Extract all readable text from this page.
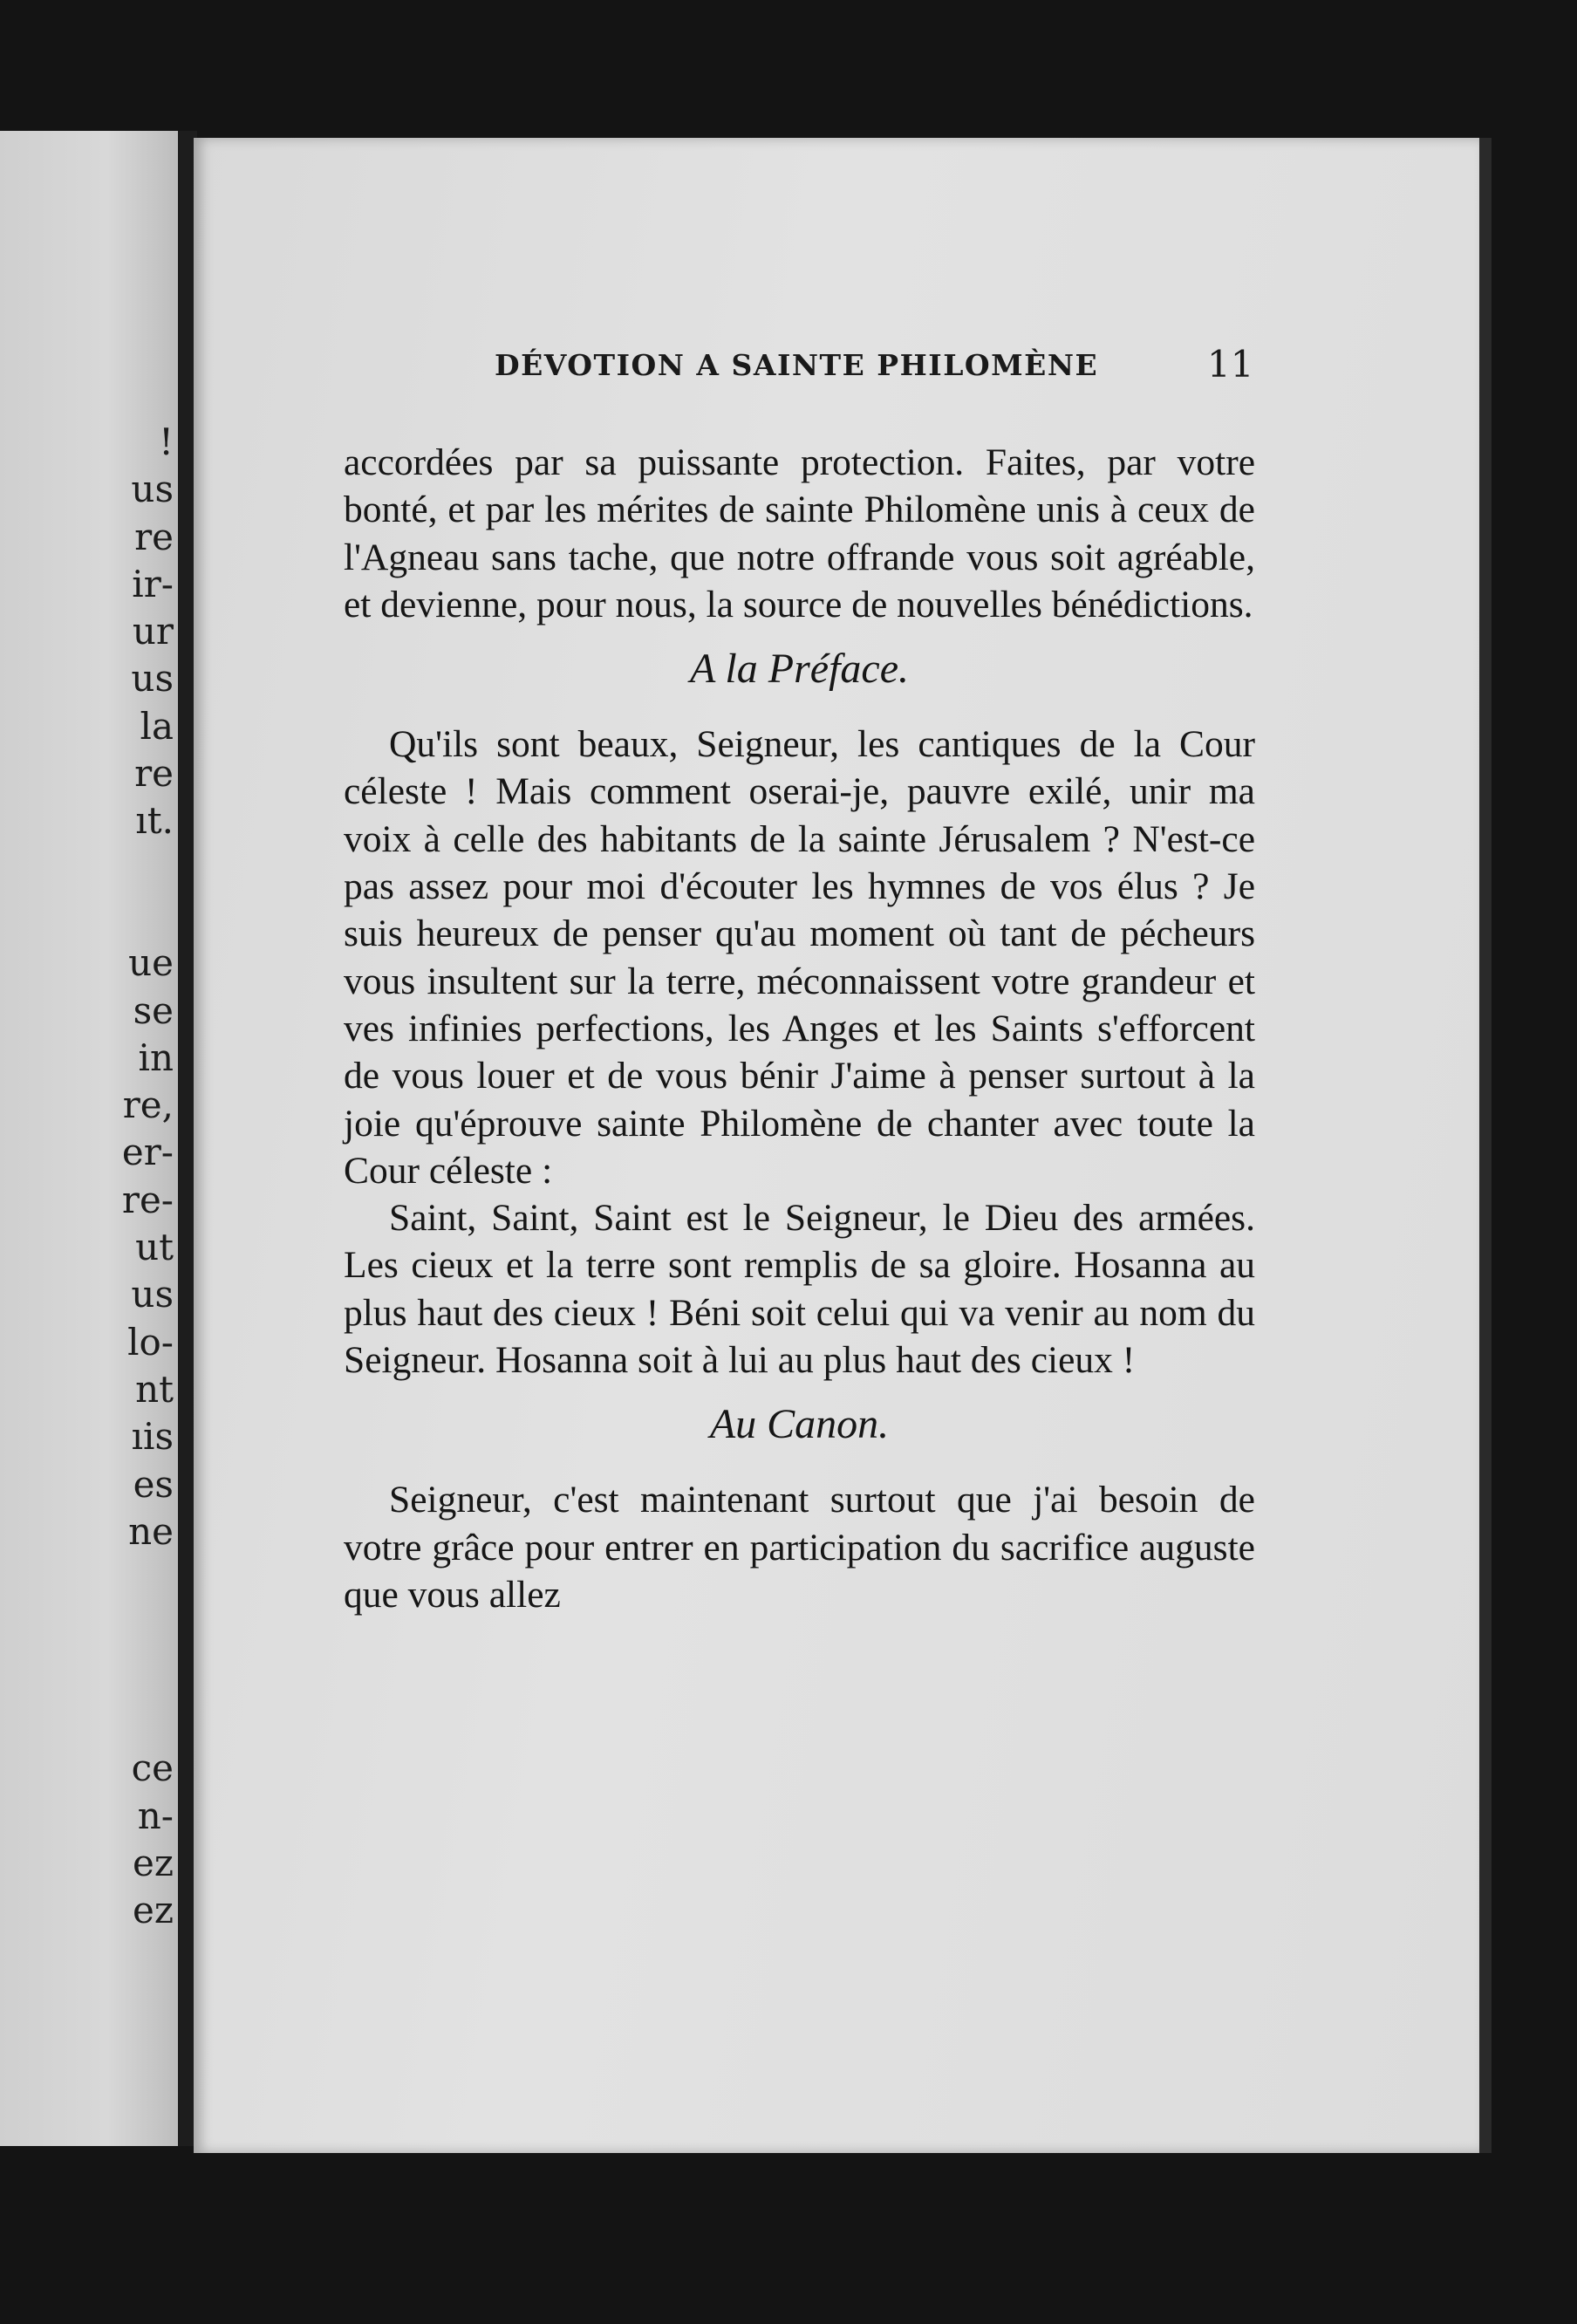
!
us
re
ir-
ur
us
la
re
ıt.
ue
se
in
re,
er-
re-
ut
us
lo-
nt
ıis
es
ne
ce
n-
ez
ez
DÉVOTION A SAINTE PHILOMÈNE	11

accordées par sa puissante protection. Faites, par votre bonté, et par les mérites de sainte Philomène unis à ceux de l'Agneau sans tache, que notre offrande vous soit agréable, et devienne, pour nous, la source de nouvelles bénédictions.

A la Préface.

Qu'ils sont beaux, Seigneur, les cantiques de la Cour céleste ! Mais comment oserai-je, pauvre exilé, unir ma voix à celle des habitants de la sainte Jérusalem ? N'est-ce pas assez pour moi d'écouter les hymnes de vos élus ? Je suis heureux de penser qu'au moment où tant de pécheurs vous insultent sur la terre, méconnaissent votre grandeur et ves infinies perfections, les Anges et les Saints s'efforcent de vous louer et de vous bénir J'aime à penser surtout à la joie qu'éprouve sainte Philomène de chanter avec toute la Cour céleste :

Saint, Saint, Saint est le Seigneur, le Dieu des armées. Les cieux et la terre sont remplis de sa gloire. Hosanna au plus haut des cieux ! Béni soit celui qui va venir au nom du Seigneur. Hosanna soit à lui au plus haut des cieux !

Au Canon.

Seigneur, c'est maintenant surtout que j'ai besoin de votre grâce pour entrer en participation du sacrifice auguste que vous allez
